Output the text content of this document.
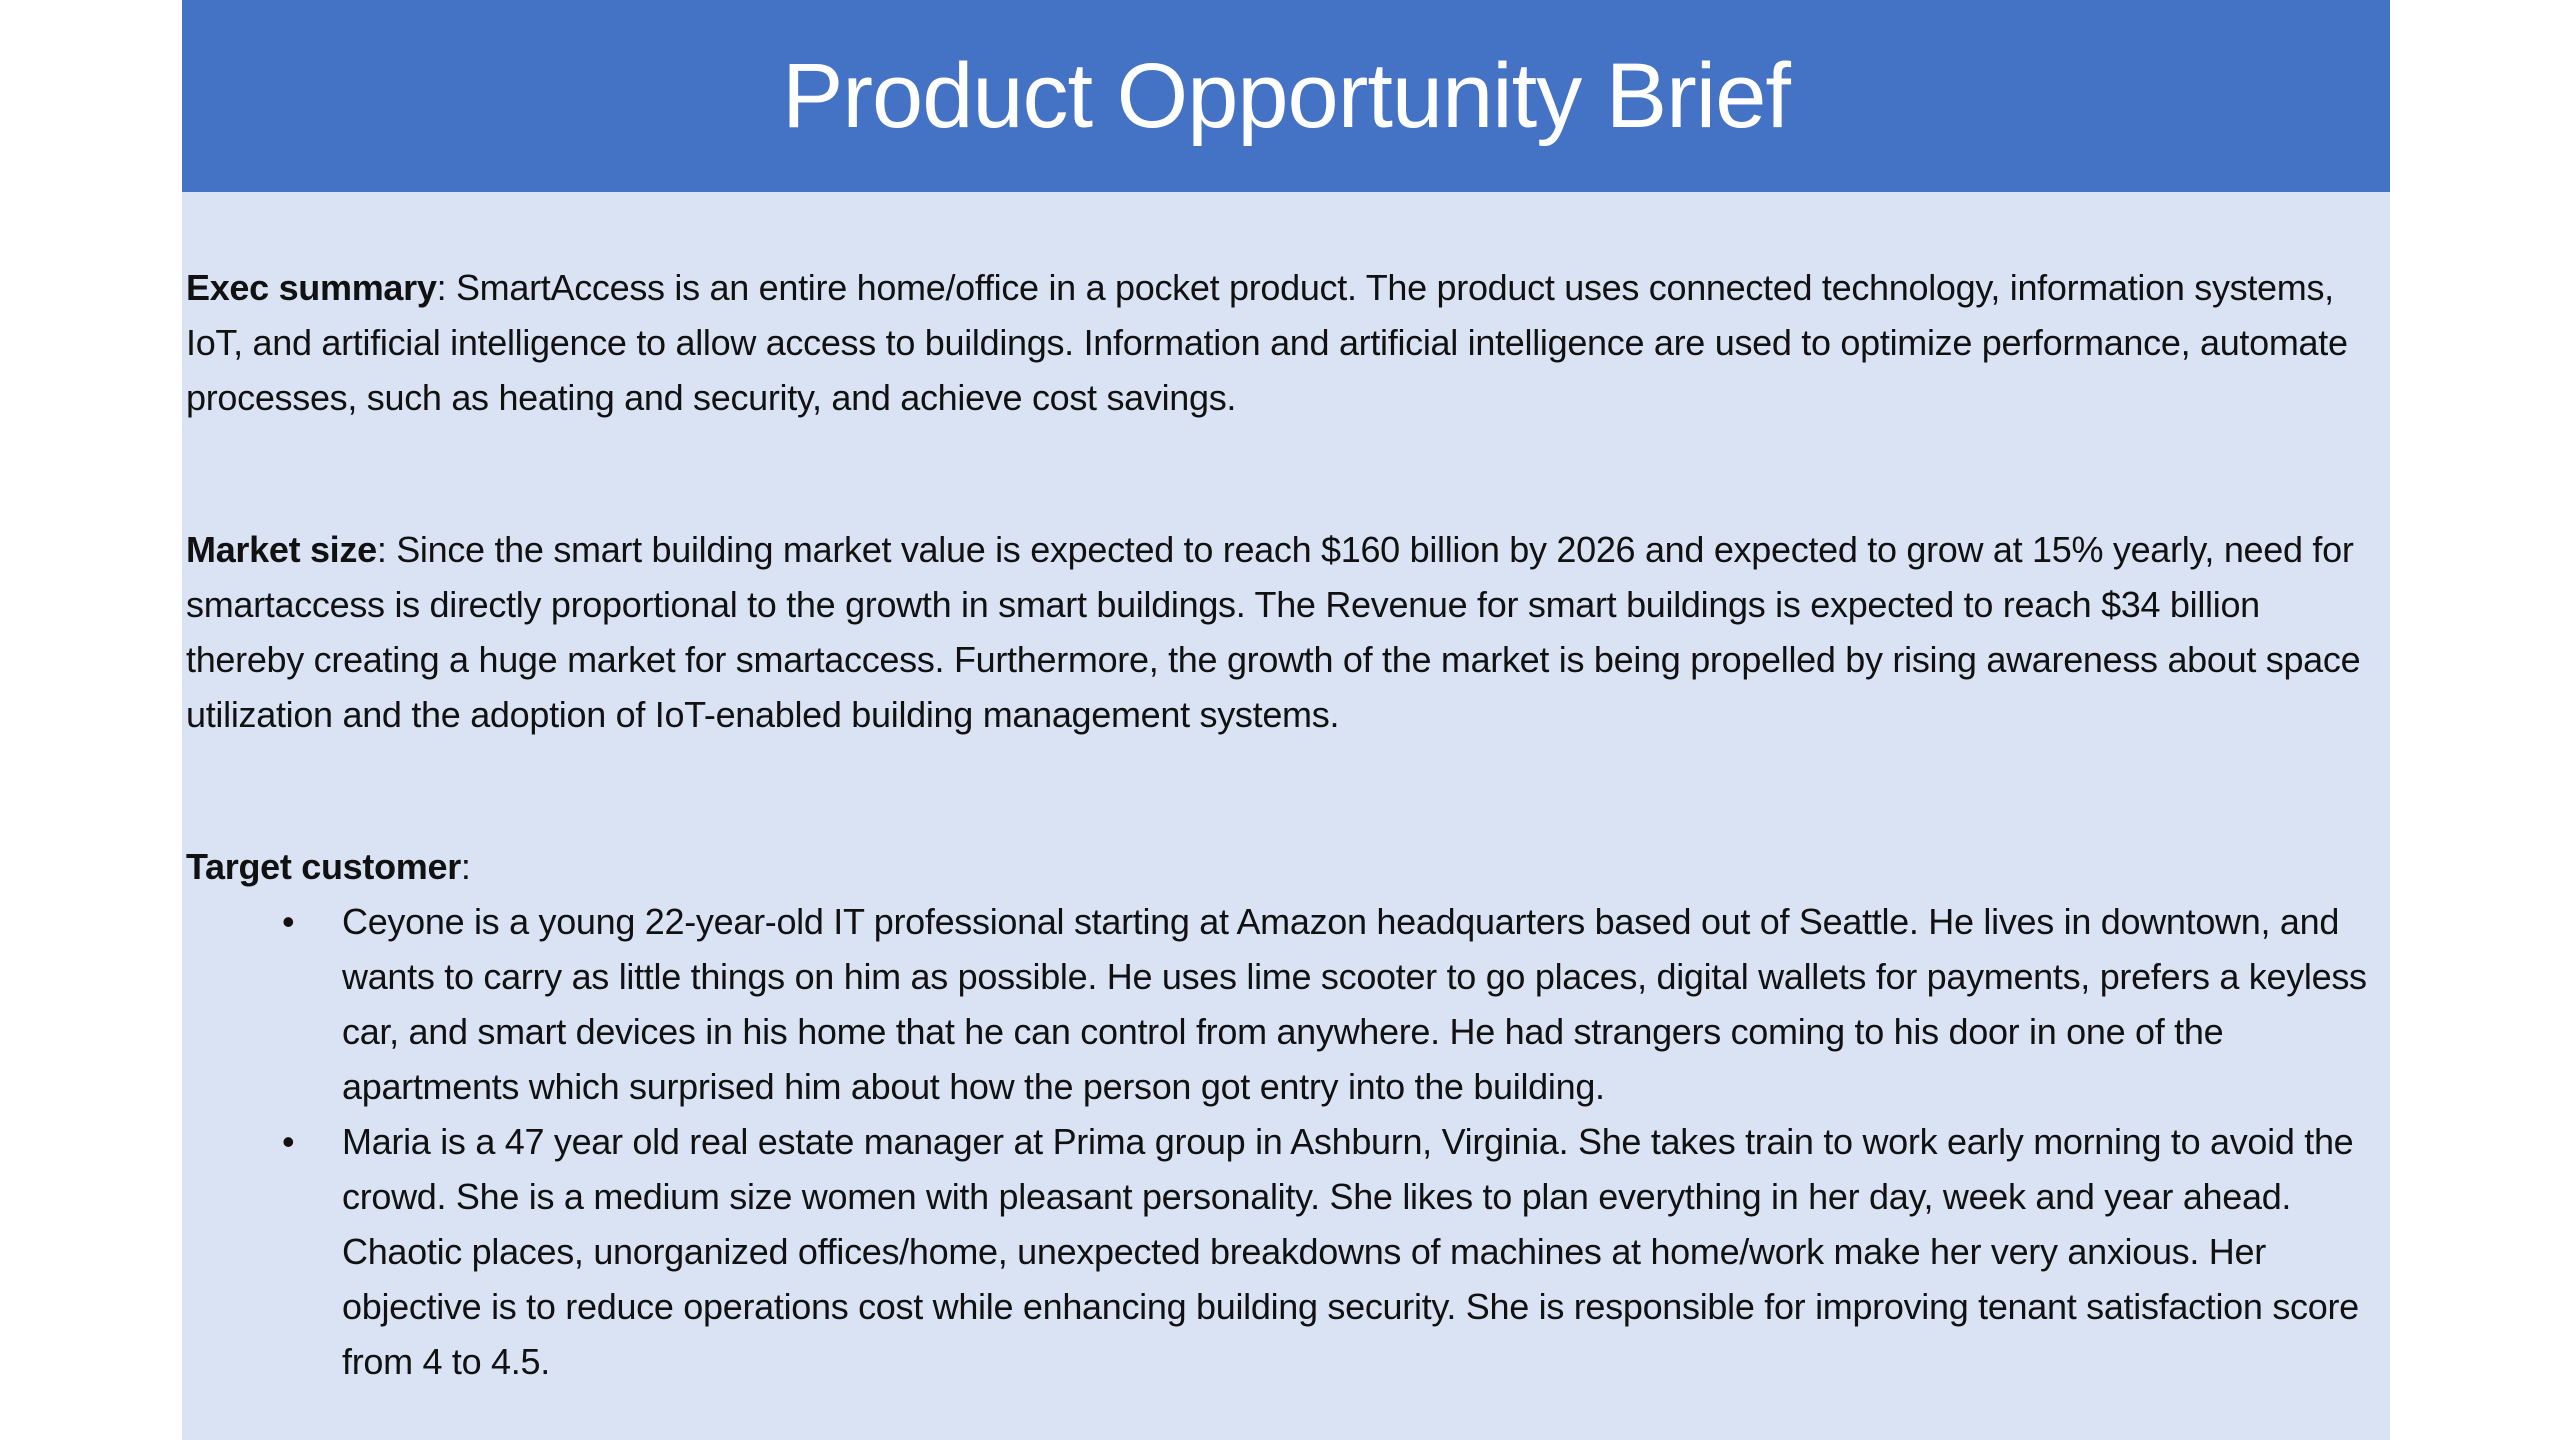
Product Opportunity Brief

Exec summary: SmartAccess is an entire home/office in a pocket product. The product uses connected technology, information systems, IoT, and artificial intelligence to allow access to buildings. Information and artificial intelligence are used to optimize performance, automate processes, such as heating and security, and achieve cost savings.

Market size: Since the smart building market value is expected to reach $160 billion by 2026 and expected to grow at 15% yearly, need for smartaccess is directly proportional to the growth in smart buildings. The Revenue for smart buildings is expected to reach $34 billion thereby creating a huge market for smartaccess. Furthermore, the growth of the market is being propelled by rising awareness about space utilization and the adoption of IoT-enabled building management systems.

Target customer:

• Ceyone is a young 22-year-old IT professional starting at Amazon headquarters based out of Seattle. He lives in downtown, and wants to carry as little things on him as possible. He uses lime scooter to go places, digital wallets for payments, prefers a keyless car, and smart devices in his home that he can control from anywhere. He had strangers coming to his door in one of the apartments which surprised him about how the person got entry into the building.
• Maria is a 47 year old real estate manager at Prima group in Ashburn, Virginia. She takes train to work early morning to avoid the crowd. She is a medium size women with pleasant personality. She likes to plan everything in her day, week and year ahead. Chaotic places, unorganized offices/home, unexpected breakdowns of machines at home/work make her very anxious. Her objective is to reduce operations cost while enhancing building security. She is responsible for improving tenant satisfaction score from 4 to 4.5.
